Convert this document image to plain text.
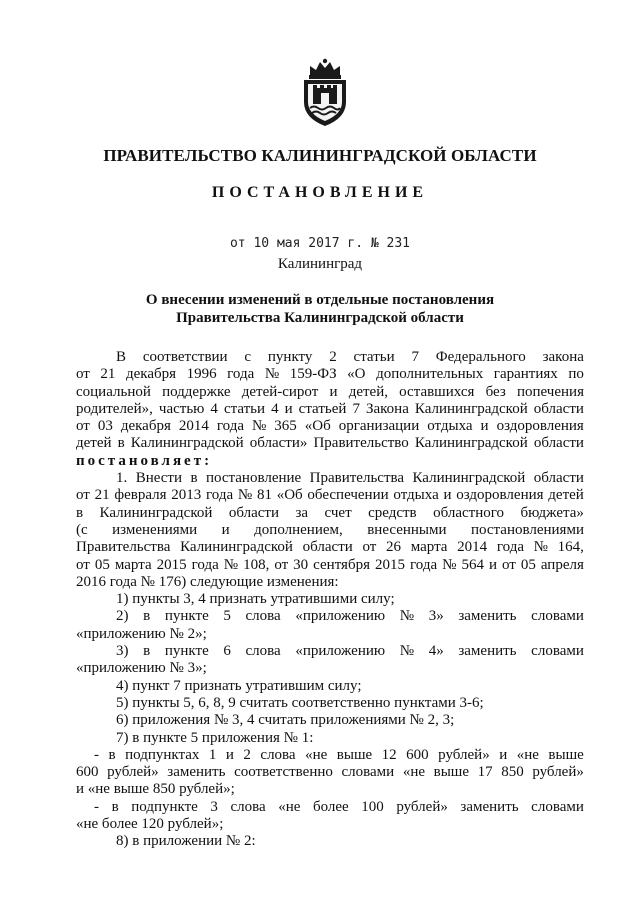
ПРАВИТЕЛЬСТВО КАЛИНИНГРАДСКОЙ ОБЛАСТИ
ПОСТАНОВЛЕНИЕ
от 10 мая 2017 г. № 231
Калининград
О внесении изменений в отдельные постановления
Правительства Калининградской области
В соответствии с пункту 2 статьи 7 Федерального закона
от 21 декабря 1996 года № 159-ФЗ «О дополнительных гарантиях по
социальной поддержке детей-сирот и детей, оставшихся без попечения
родителей», частью 4 статьи 4 и статьей 7 Закона Калининградской области
от 03 декабря 2014 года № 365 «Об организации отдыха и оздоровления
детей в Калининградской области» Правительство Калининградской области
постановляет:
1. Внести в постановление Правительства Калининградской области
от 21 февраля 2013 года № 81 «Об обеспечении отдыха и оздоровления детей
в Калининградской области за счет средств областного бюджета»
(с изменениями и дополнением, внесенными постановлениями
Правительства Калининградской области от 26 марта 2014 года № 164,
от 05 марта 2015 года № 108, от 30 сентября 2015 года № 564 и от 05 апреля
2016 года № 176) следующие изменения:
1) пункты 3, 4 признать утратившими силу;
2) в пункте 5 слова «приложению № 3» заменить словами
«приложению № 2»;
3) в пункте 6 слова «приложению № 4» заменить словами
«приложению № 3»;
4) пункт 7 признать утратившим силу;
5) пункты 5, 6, 8, 9 считать соответственно пунктами 3-6;
6) приложения № 3, 4 считать приложениями № 2, 3;
7) в пункте 5 приложения № 1:
- в подпунктах 1 и 2 слова «не выше 12 600 рублей» и «не выше
600 рублей» заменить соответственно словами «не выше 17 850 рублей»
и «не выше 850 рублей»;
- в подпункте 3 слова «не более 100 рублей» заменить словами
«не более 120 рублей»;
8) в приложении № 2:
